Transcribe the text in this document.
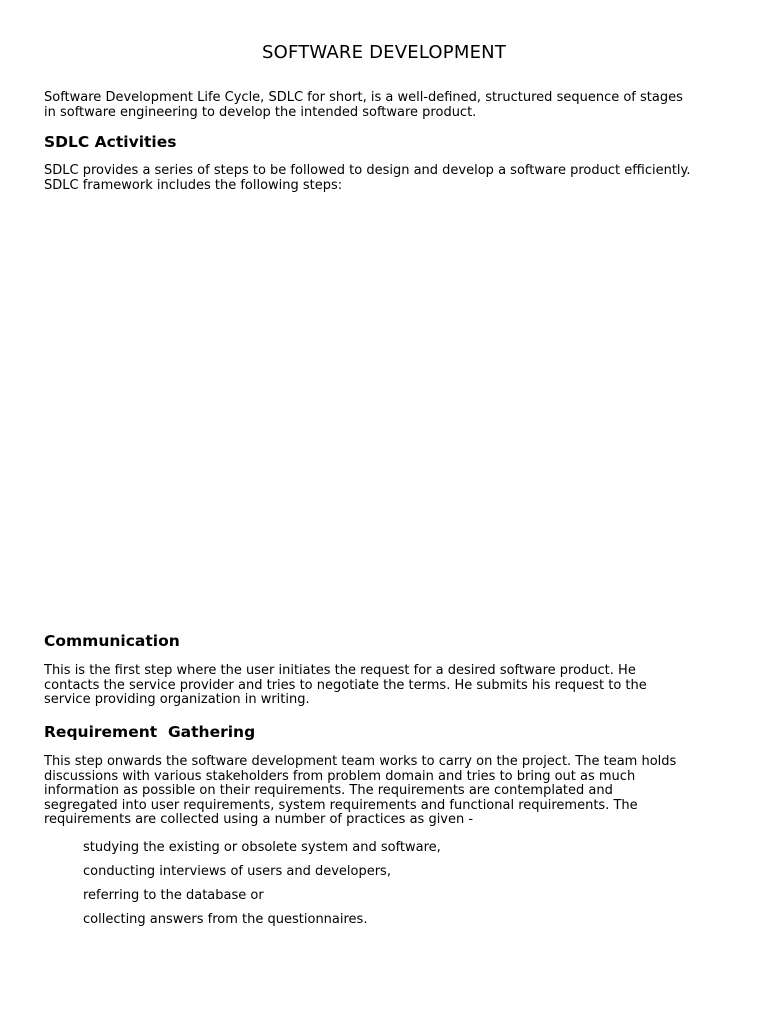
SOFTWARE DEVELOPMENT
Software Development Life Cycle, SDLC for short, is a well-defined, structured sequence of stages
in software engineering to develop the intended software product.
SDLC Activities
SDLC provides a series of steps to be followed to design and develop a software product efficiently.
SDLC framework includes the following steps:
Communication
This is the first step where the user initiates the request for a desired software product. He
contacts the service provider and tries to negotiate the terms. He submits his request to the
service providing organization in writing.
Requirement  Gathering
This step onwards the software development team works to carry on the project. The team holds
discussions with various stakeholders from problem domain and tries to bring out as much
information as possible on their requirements. The requirements are contemplated and
segregated into user requirements, system requirements and functional requirements. The
requirements are collected using a number of practices as given -
studying the existing or obsolete system and software,
conducting interviews of users and developers,
referring to the database or
collecting answers from the questionnaires.
